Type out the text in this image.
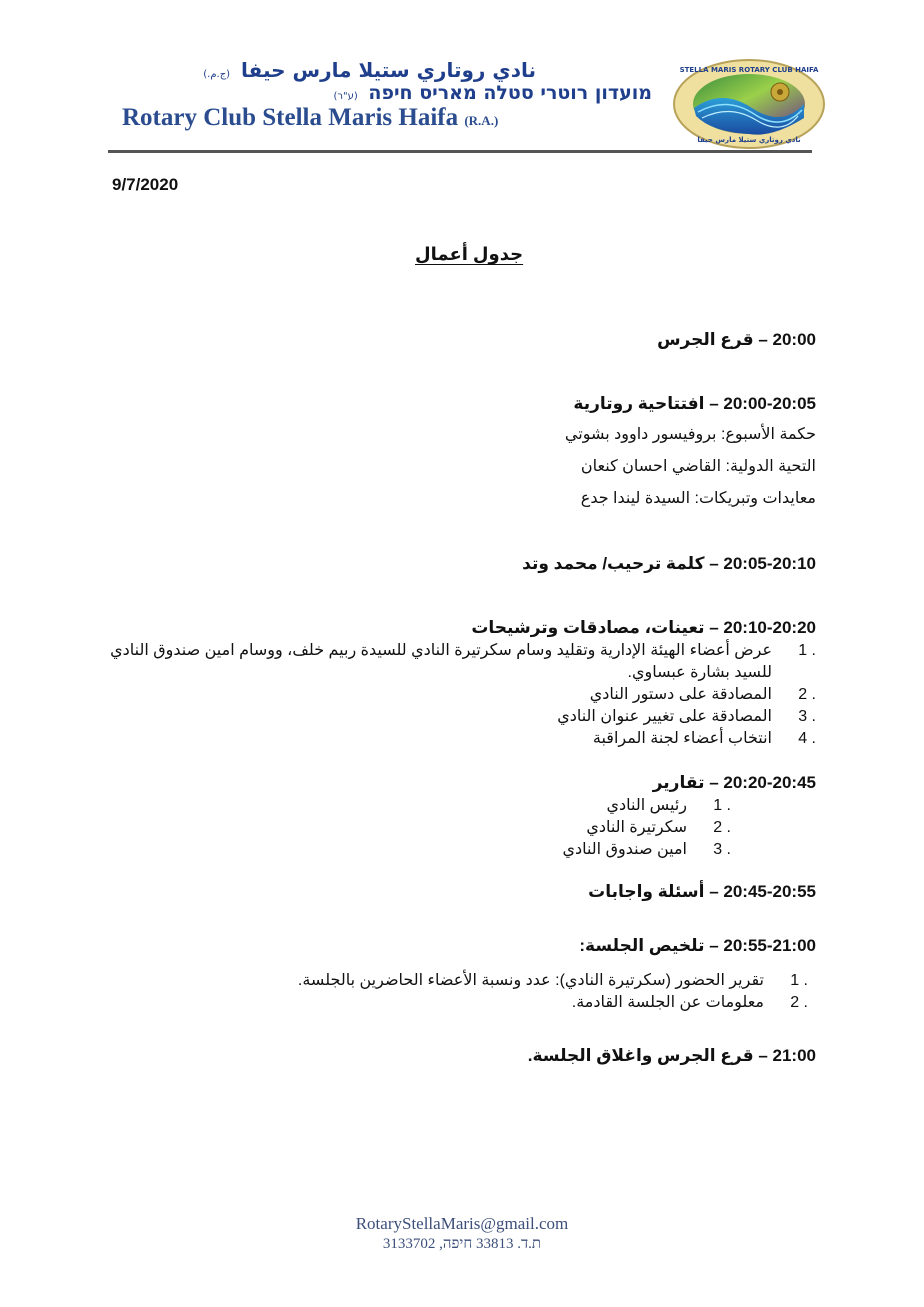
نادي روتاري ستيلا مارس حيفا (ج.م.)
מועדון רוטרי סטלה מאריס חיפה (ע"ר)
Rotary Club Stella Maris Haifa (R.A.)
STELLA MARIS ROTARY CLUB HAIFA
نادي روتاري ستيلا مارس حيفا
9/7/2020
جدول أعمال
20:00 – قرع الجرس
20:00-20:05 – افتتاحية روتارية
حكمة الأسبوع: بروفيسور داوود بشوتي
التحية الدولية: القاضي احسان كنعان
معايدات وتبريكات: السيدة ليندا جدع
20:05-20:10 – كلمة ترحيب/ محمد وتد
20:10-20:20 – تعينات، مصادقات وترشيحات
1 .
عرض أعضاء الهيئة الإدارية وتقليد وسام سكرتيرة النادي للسيدة ربيم خلف، ووسام امين صندوق النادي للسيد بشارة عبساوي.
2 .
المصادقة على دستور النادي
3 .
المصادقة على تغيير عنوان النادي
4 .
انتخاب أعضاء لجنة المراقبة
20:20-20:45 – تقارير
1 .
رئيس النادي
2 .
سكرتيرة النادي
3 .
امين صندوق النادي
20:45-20:55 – أسئلة واجابات
20:55-21:00 – تلخيص الجلسة:
1 .
تقرير الحضور (سكرتيرة النادي): عدد ونسبة الأعضاء الحاضرين بالجلسة.
2 .
معلومات عن الجلسة القادمة.
21:00 – قرع الجرس واغلاق الجلسة.
RotaryStellaMaris@gmail.com
ת.ד. 33813 חיפה, 3133702
